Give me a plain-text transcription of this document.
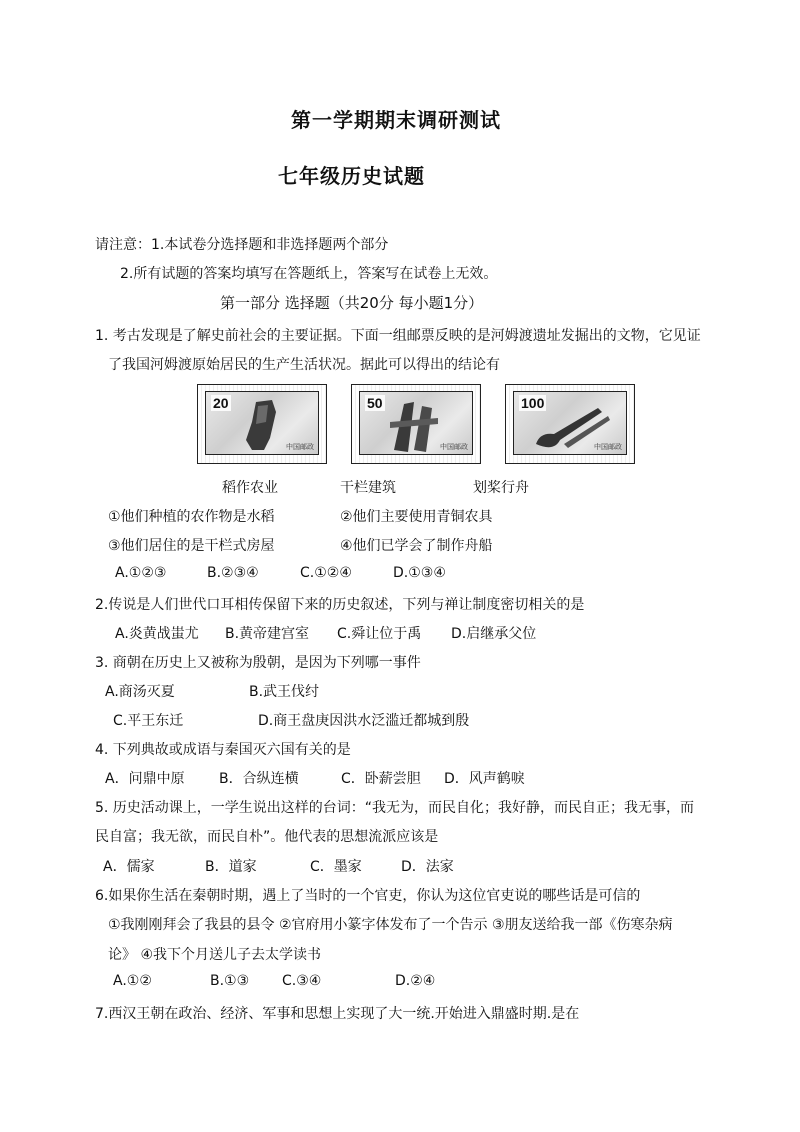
第一学期期末调研测试
七年级历史试题
请注意：1.本试卷分选择题和非选择题两个部分
2.所有试题的答案均填写在答题纸上，答案写在试卷上无效。
第一部分 选择题（共20分 每小题1分）
1. 考古发现是了解史前社会的主要证据。下面一组邮票反映的是河姆渡遗址发掘出的文物，它见证
了我国河姆渡原始居民的生产生活状况。据此可以得出的结论有
20
中国邮政
50
中国邮政
100
中国邮政
稻作农业	干栏建筑	划桨行舟
①他们种植的农作物是水稻	②他们主要使用青铜农具
③他们居住的是干栏式房屋	④他们已学会了制作舟船
A.①②③	B.②③④	C.①②④	D.①③④
2.传说是人们世代口耳相传保留下来的历史叙述，下列与禅让制度密切相关的是
A.炎黄战蚩尤 B.黄帝建宫室 C.舜让位于禹 D.启继承父位
3. 商朝在历史上又被称为殷朝，是因为下列哪一事件
A.商汤灭夏	B.武王伐纣
C.平王东迁	D.商王盘庚因洪水泛滥迁都城到殷
4. 下列典故或成语与秦国灭六国有关的是
A．问鼎中原 B．合纵连横	C．卧薪尝胆 D．风声鹤唳
5. 历史活动课上，一学生说出这样的台词：“我无为，而民自化；我好静，而民自正；我无事，而
民自富；我无欲，而民自朴”。他代表的思想流派应该是
A．儒家	B．道家	C．墨家	D．法家
6.如果你生活在秦朝时期，遇上了当时的一个官吏，你认为这位官吏说的哪些话是可信的
①我刚刚拜会了我县的县令 ②官府用小篆字体发布了一个告示 ③朋友送给我一部《伤寒杂病
论》 ④我下个月送儿子去太学读书
A.①②	B.①③ C.③④	D.②④
7.西汉王朝在政治、经济、军事和思想上实现了大一统.开始进入鼎盛时期.是在
